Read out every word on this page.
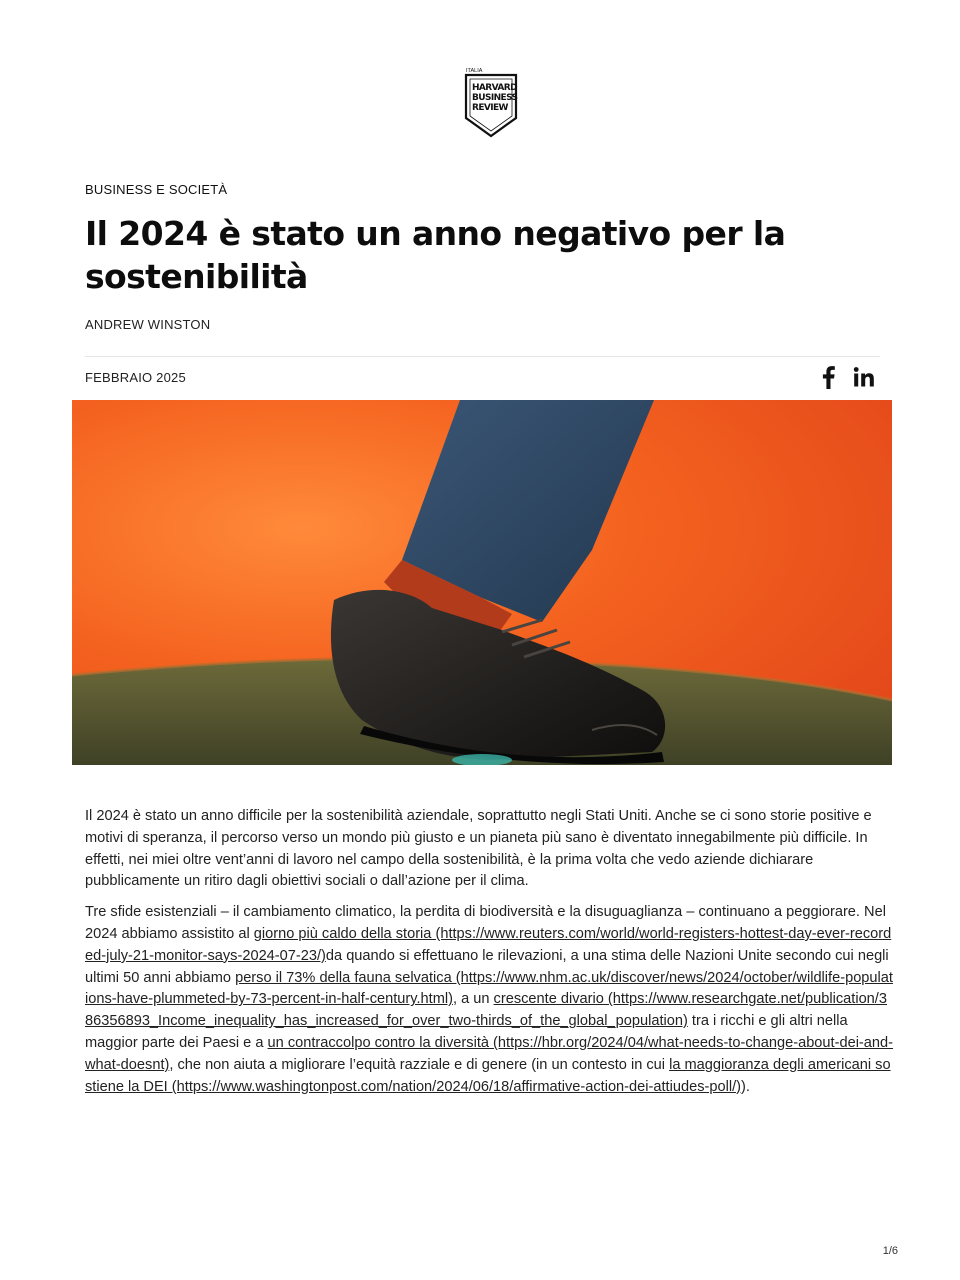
ITALIA
HARVARD
BUSINESS
REVIEW
BUSINESS E SOCIETÀ
Il 2024 è stato un anno negativo per la sostenibilità
ANDREW WINSTON
FEBBRAIO 2025

Il 2024 è stato un anno difficile per la sostenibilità aziendale, soprattutto negli Stati Uniti. Anche se ci sono storie positive e motivi di speranza, il percorso verso un mondo più giusto e un pianeta più sano è diventato innegabilmente più difficile. In effetti, nei miei oltre vent’anni di lavoro nel campo della sostenibilità, è la prima volta che vedo aziende dichiarare pubblicamente un ritiro dagli obiettivi sociali o dall’azione per il clima.

Tre sfide esistenziali – il cambiamento climatico, la perdita di biodiversità e la disuguaglianza – continuano a peggiorare. Nel 2024 abbiamo assistito al giorno più caldo della storia (https://www.reuters.com/world/world-registers-hottest-day-ever-recorded-july-21-monitor-says-2024-07-23/)da quando si effettuano le rilevazioni, a una stima delle Nazioni Unite secondo cui negli ultimi 50 anni abbiamo perso il 73% della fauna selvatica (https://www.nhm.ac.uk/discover/news/2024/october/wildlife-populations-have-plummeted-by-73-percent-in-half-century.html), a un crescente divario (https://www.researchgate.net/publication/386356893_Income_inequality_has_increased_for_over_two-thirds_of_the_global_population) tra i ricchi e gli altri nella maggior parte dei Paesi e a un contraccolpo contro la diversità (https://hbr.org/2024/04/what-needs-to-change-about-dei-and-what-doesnt), che non aiuta a migliorare l’equità razziale e di genere (in un contesto in cui la maggioranza degli americani sostiene la DEI (https://www.washingtonpost.com/nation/2024/06/18/affirmative-action-dei-attiudes-poll/)).

1/6
